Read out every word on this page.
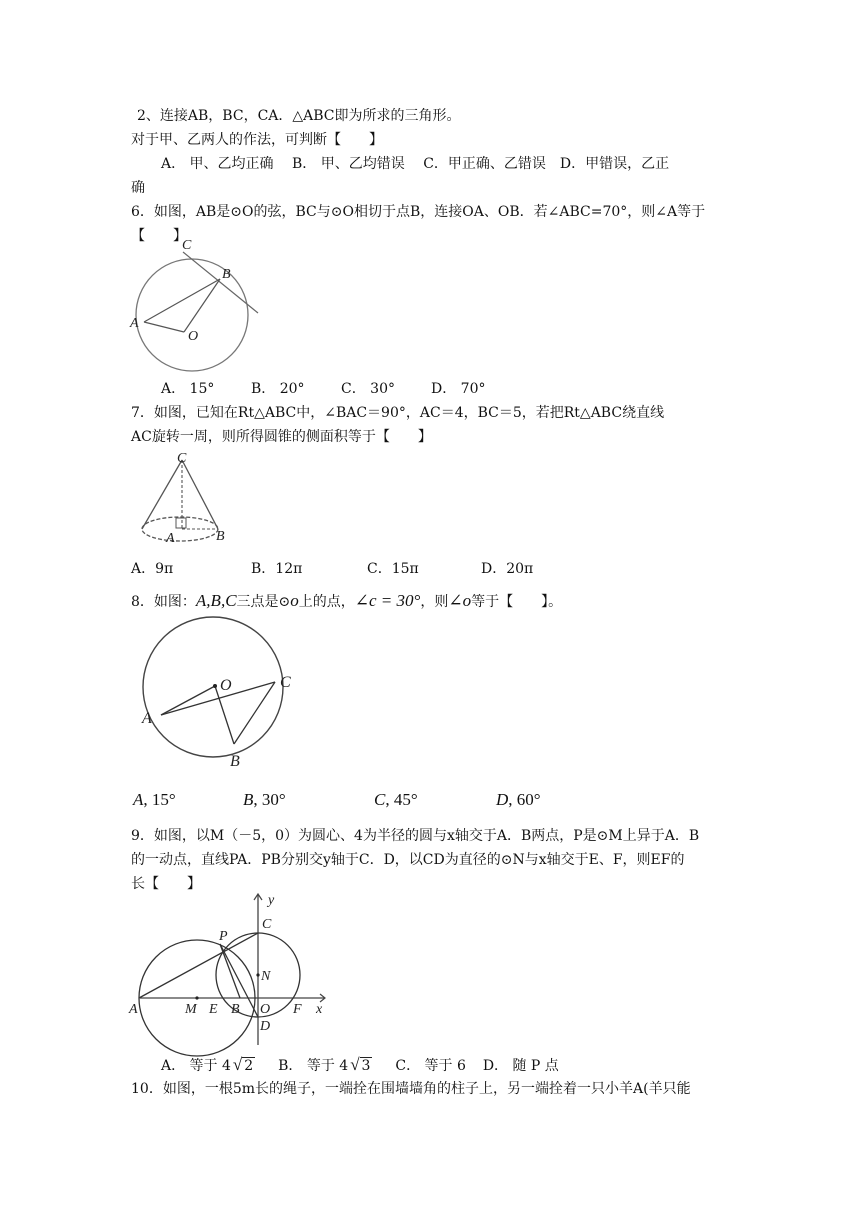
2、连接AB，BC，CA．△ABC即为所求的三角形。
对于甲、乙两人的作法，可判断【　　】
A． 甲、乙均正确　 B． 甲、乙均错误　 C．甲正确、乙错误　D．甲错误，乙正
确
6．如图，AB是⊙O的弦，BC与⊙O相切于点B，连接OA、OB．若∠ABC=70°，则∠A等于
【　　】
C
B
A
O
A． 15°	B． 20°	C． 30°	D． 70°
7．如图，已知在Rt△ABC中，∠BAC＝90°，AC＝4，BC＝5，若把Rt△ABC绕直线
AC旋转一周，则所得圆锥的侧面积等于【　　】
C
A	B
A．9π	B．12π	C．15π	D．20π
8．如图：A,B,C三点是⊙o上的点，∠c = 30°，则∠o等于【　　】。
O	C
A
B
A, 15°	B, 30°	C, 45°	D, 60°
9．如图，以M（－5，0）为圆心、4为半径的圆与x轴交于A．B两点，P是⊙M上异于A．B
的一动点，直线PA．PB分别交y轴于C．D，以CD为直径的⊙N与x轴交于E、F，则EF的
长【　　】
y
C
P
N
A	M E B O F x
D
A． 等于 4 √ 2 B． 等于 4 √ 3 C． 等于 6 D． 随 P 点
10．如图，一根5m长的绳子，一端拴在围墙墙角的柱子上，另一端拴着一只小羊A(羊只能
